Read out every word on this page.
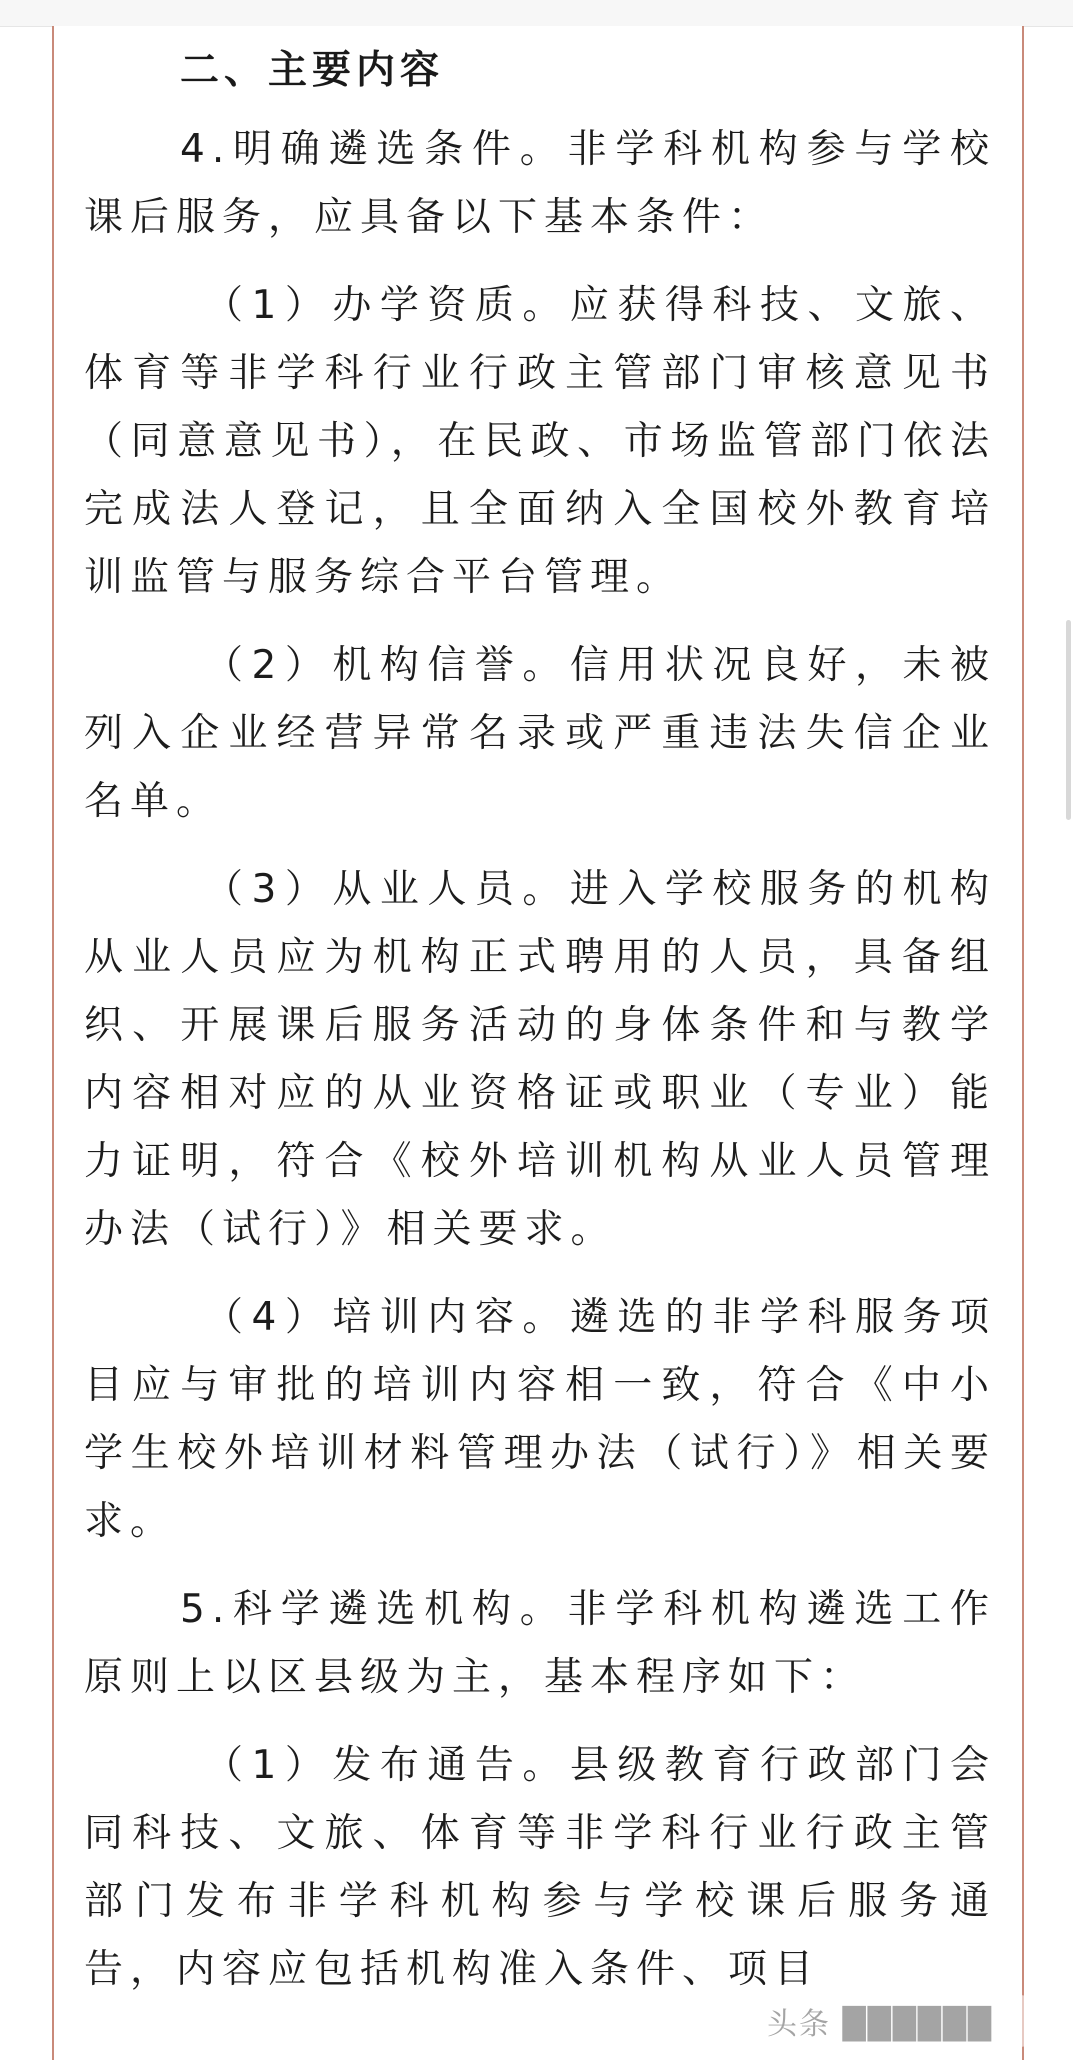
二、主要内容

4.明确遴选条件。非学科机构参与学校课后服务，应具备以下基本条件：

（1）办学资质。应获得科技、文旅、体育等非学科行业行政主管部门审核意见书（同意意见书），在民政、市场监管部门依法完成法人登记，且全面纳入全国校外教育培训监管与服务综合平台管理。

（2）机构信誉。信用状况良好，未被列入企业经营异常名录或严重违法失信企业名单。

（3）从业人员。进入学校服务的机构从业人员应为机构正式聘用的人员，具备组织、开展课后服务活动的身体条件和与教学内容相对应的从业资格证或职业（专业）能力证明，符合《校外培训机构从业人员管理办法（试行）》相关要求。

（4）培训内容。遴选的非学科服务项目应与审批的培训内容相一致，符合《中小学生校外培训材料管理办法（试行）》相关要求。

5.科学遴选机构。非学科机构遴选工作原则上以区县级为主，基本程序如下：

（1）发布通告。县级教育行政部门会同科技、文旅、体育等非学科行业行政主管部门发布非学科机构参与学校课后服务通告，内容应包括机构准入条件、项目

头条 ██████
